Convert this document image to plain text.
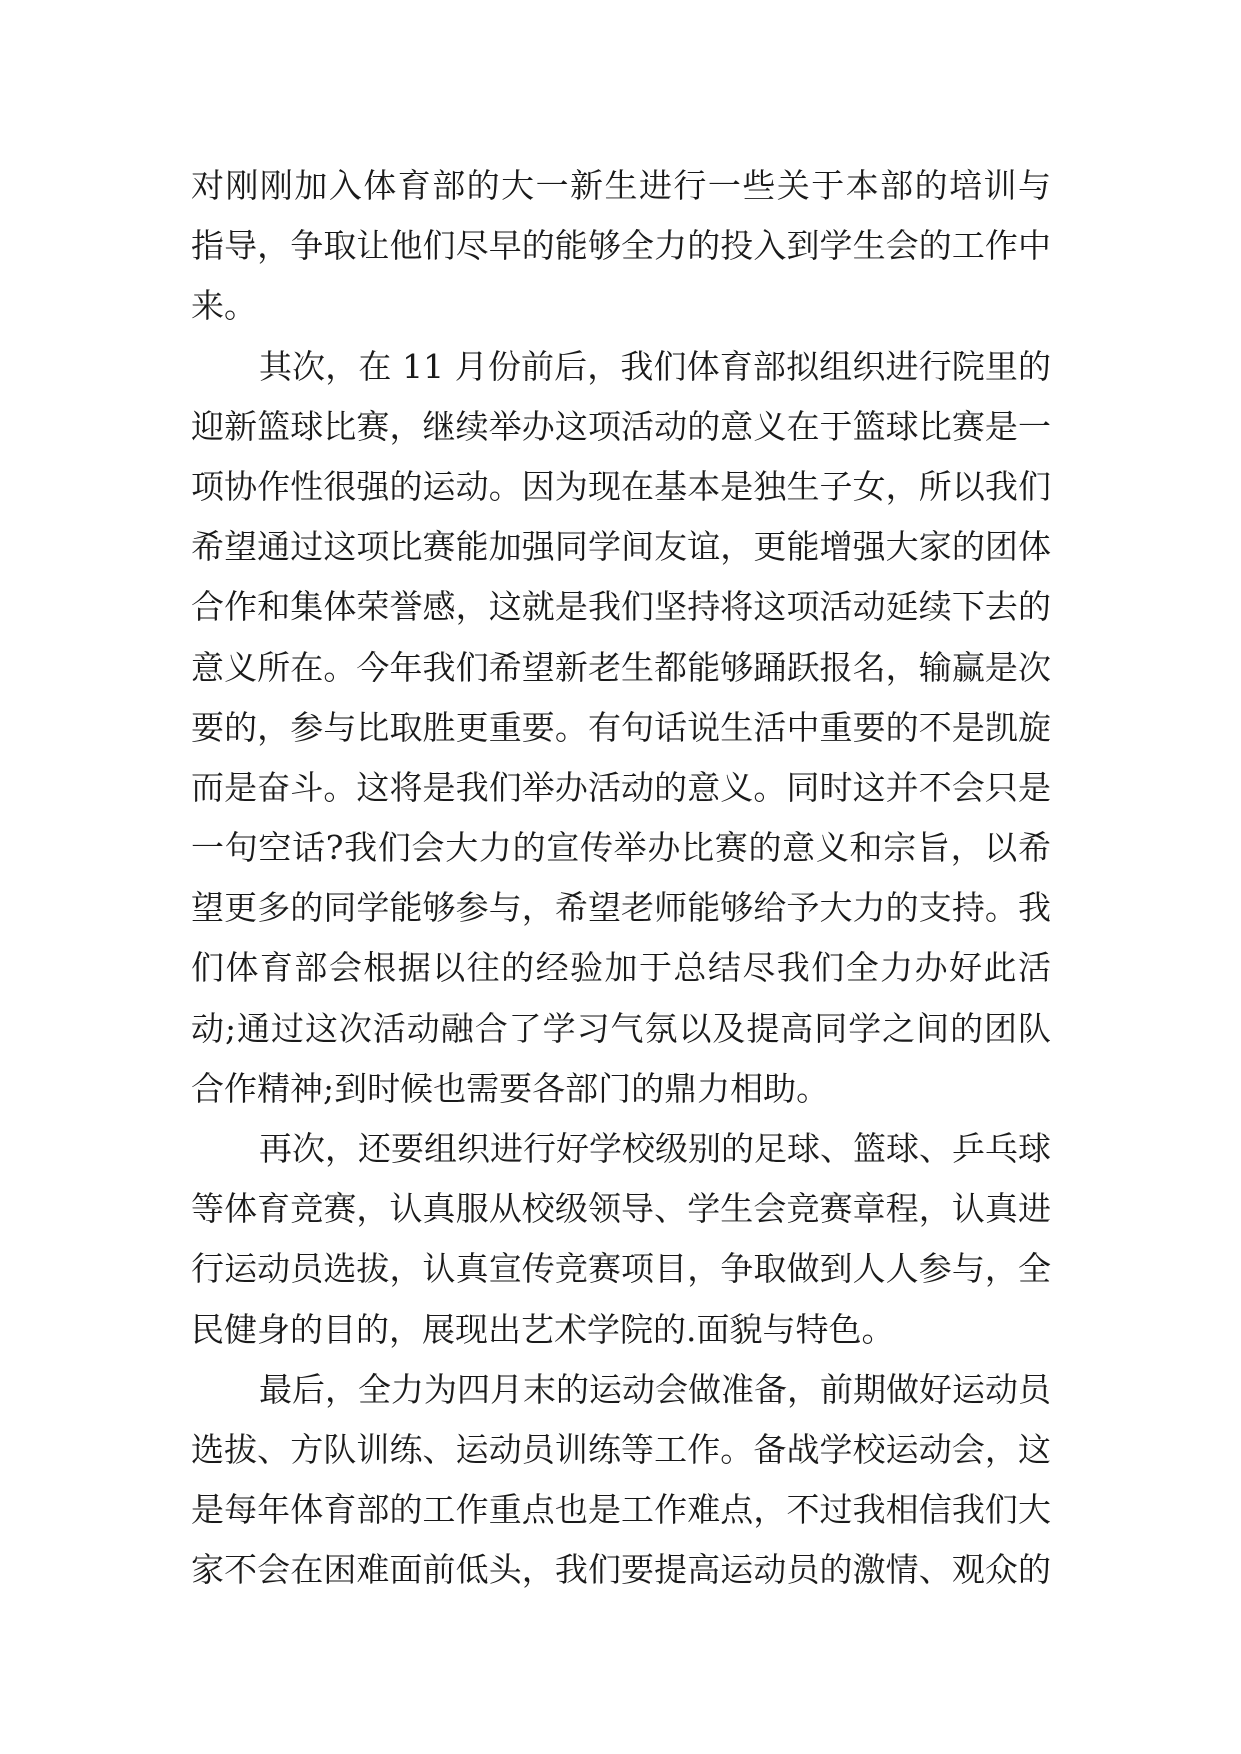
对刚刚加入体育部的大一新生进行一些关于本部的培训与
指导，争取让他们尽早的能够全力的投入到学生会的工作中
来。
其次，在 11 月份前后，我们体育部拟组织进行院里的
迎新篮球比赛，继续举办这项活动的意义在于篮球比赛是一
项协作性很强的运动。因为现在基本是独生子女，所以我们
希望通过这项比赛能加强同学间友谊，更能增强大家的团体
合作和集体荣誉感，这就是我们坚持将这项活动延续下去的
意义所在。今年我们希望新老生都能够踊跃报名，输赢是次
要的，参与比取胜更重要。有句话说生活中重要的不是凯旋
而是奋斗。这将是我们举办活动的意义。同时这并不会只是
一句空话?我们会大力的宣传举办比赛的意义和宗旨，以希
望更多的同学能够参与，希望老师能够给予大力的支持。我
们体育部会根据以往的经验加于总结尽我们全力办好此活
动;通过这次活动融合了学习气氛以及提高同学之间的团队
合作精神;到时候也需要各部门的鼎力相助。
再次，还要组织进行好学校级别的足球、篮球、乒乓球
等体育竞赛，认真服从校级领导、学生会竞赛章程，认真进
行运动员选拔，认真宣传竞赛项目，争取做到人人参与，全
民健身的目的，展现出艺术学院的.面貌与特色。
最后，全力为四月末的运动会做准备，前期做好运动员
选拔、方队训练、运动员训练等工作。备战学校运动会，这
是每年体育部的工作重点也是工作难点，不过我相信我们大
家不会在困难面前低头，我们要提高运动员的激情、观众的
